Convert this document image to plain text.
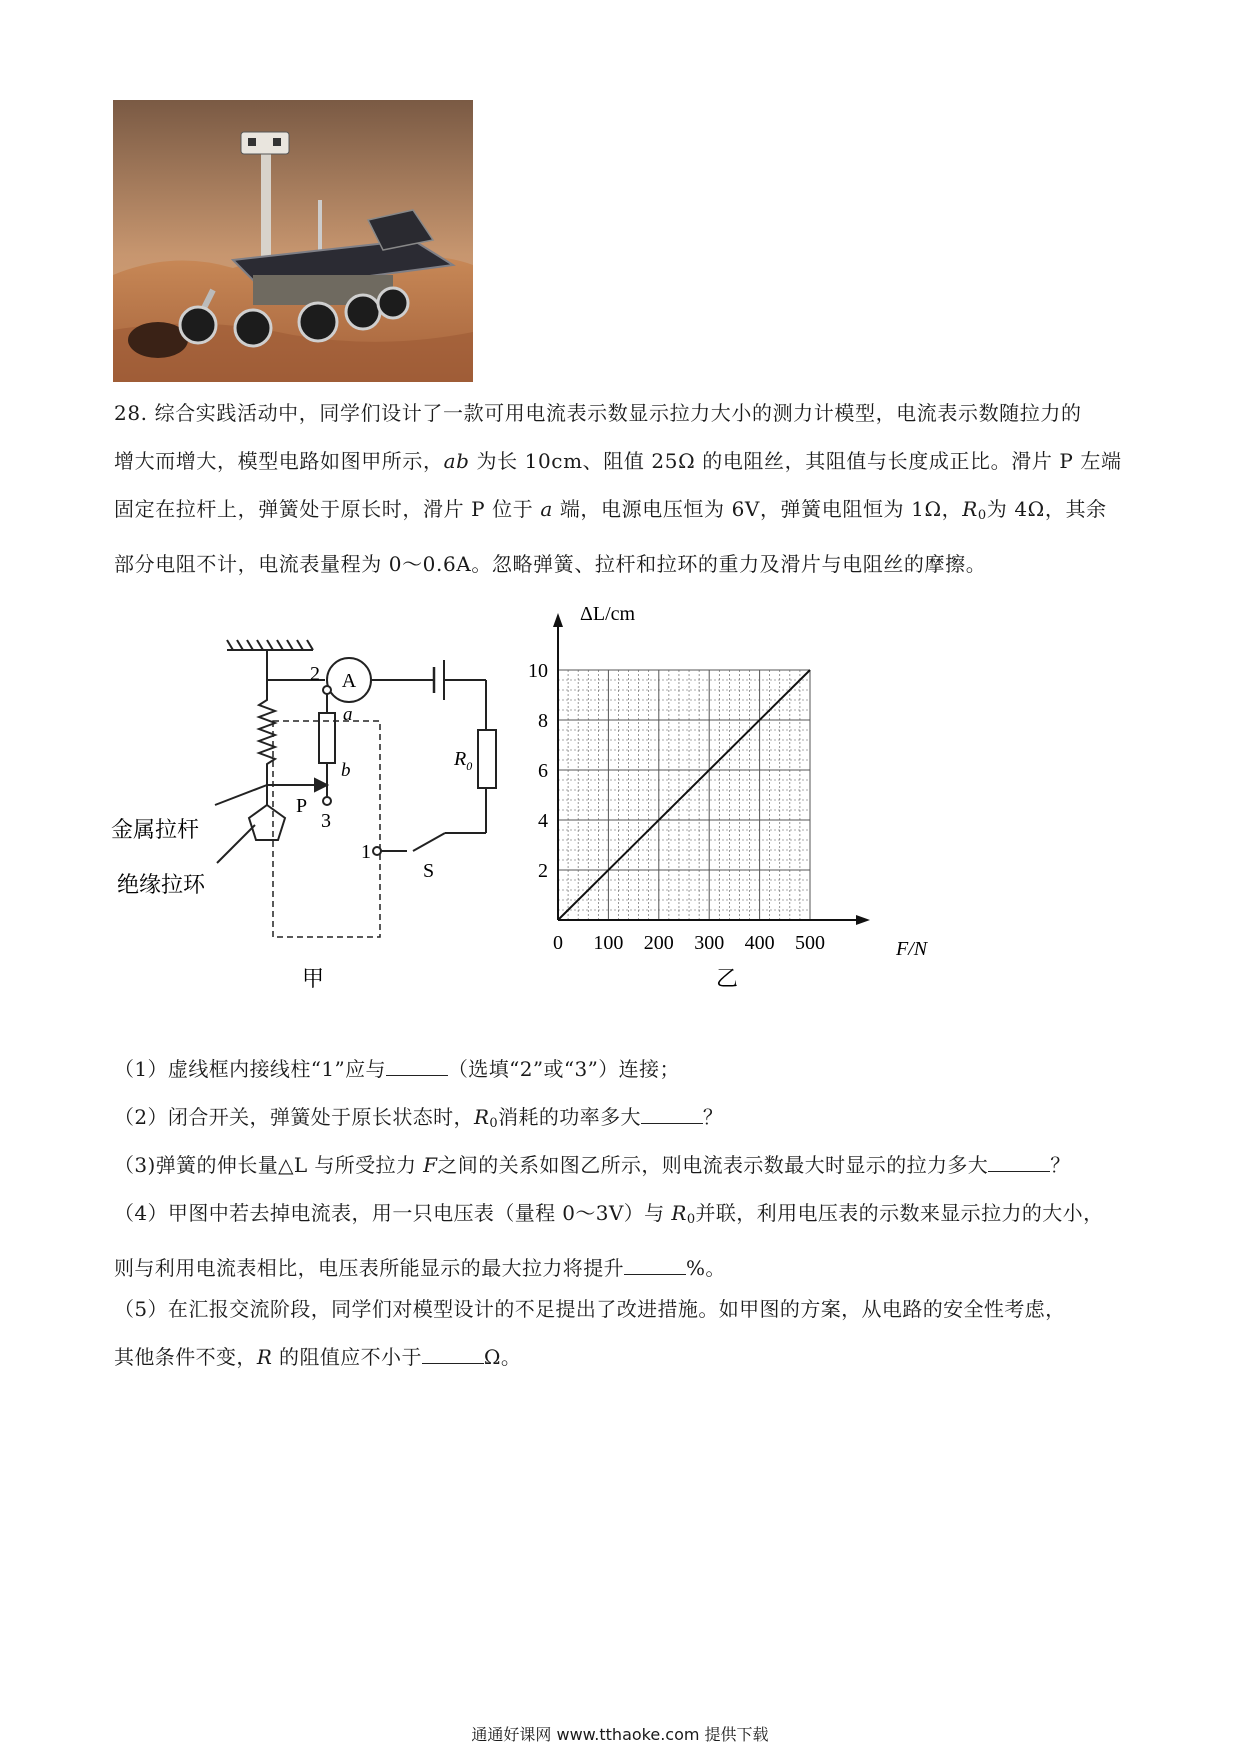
28. 综合实践活动中，同学们设计了一款可用电流表示数显示拉力大小的测力计模型，电流表示数随拉力的
增大而增大，模型电路如图甲所示，ab 为长 10cm、阻值 25Ω 的电阻丝，其阻值与长度成正比。滑片 P 左端
固定在拉杆上，弹簧处于原长时，滑片 P 位于 a 端，电源电压恒为 6V，弹簧电阻恒为 1Ω，$R_0$为 4Ω，其余
部分电阻不计，电流表量程为 0～0.6A。忽略弹簧、拉杆和拉环的重力及滑片与电阻丝的摩擦。
A
2
3
1
a
b
P
S
$R_0$
金属拉杆
绝缘拉环
甲
0 100 200 300 400 500
2
4
6
8
10
ΔL/cm
F/N
乙
（1）虚线框内接线柱“1”应与	（选填“2”或“3”）连接；
（2）闭合开关，弹簧处于原长状态时，$R_0$消耗的功率多大	？
（3)弹簧的伸长量△L 与所受拉力 F之间的关系如图乙所示，则电流表示数最大时显示的拉力多大	？
（4）甲图中若去掉电流表，用一只电压表（量程 0～3V）与 $R_0$并联，利用电压表的示数来显示拉力的大小，
则与利用电流表相比，电压表所能显示的最大拉力将提升	%。
（5）在汇报交流阶段，同学们对模型设计的不足提出了改进措施。如甲图的方案，从电路的安全性考虑，
其他条件不变，R 的阻值应不小于	Ω。
通通好课网 www.tthaoke.com 提供下载
